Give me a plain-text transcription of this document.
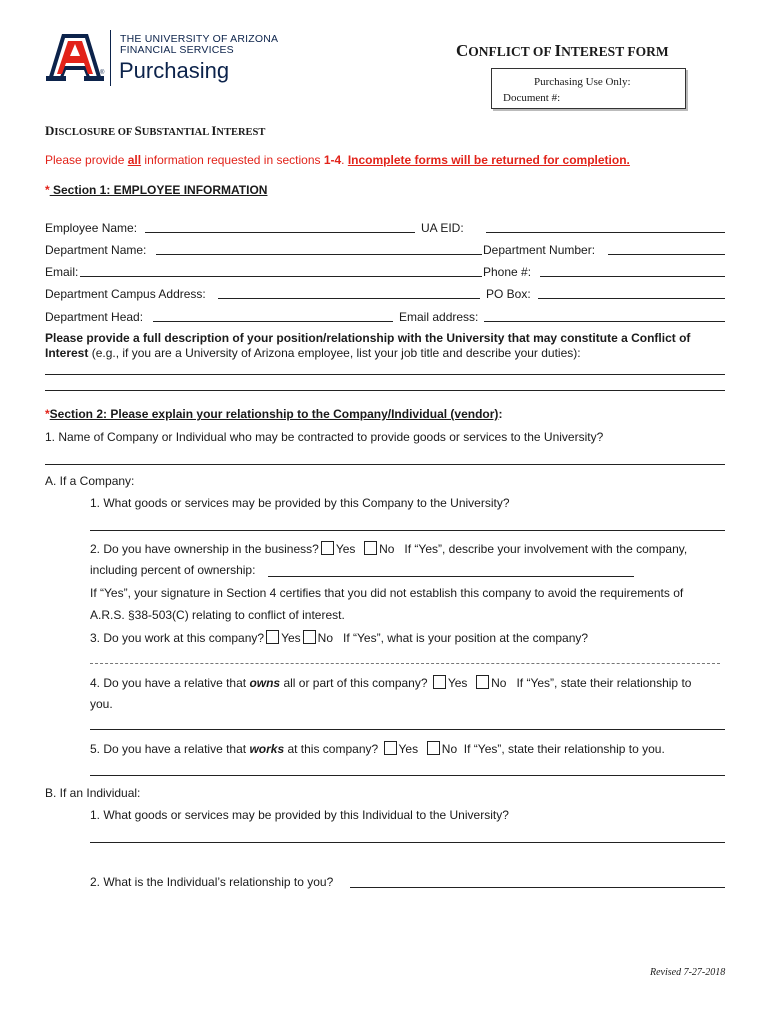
®
THE UNIVERSITY OF ARIZONA
FINANCIAL SERVICES
Purchasing
CONFLICT OF INTEREST FORM
Purchasing Use Only:
Document #:
DISCLOSURE OF SUBSTANTIAL INTEREST
Please provide all information requested in sections 1-4. Incomplete forms will be returned for completion.
* Section 1: EMPLOYEE INFORMATION
Employee Name:	UA EID:
Department Name:	Department Number:
Email:	Phone #:
Department Campus Address:	PO Box:
Department Head:	Email address:
Please provide a full description of your position/relationship with the University that may constitute a Conflict of
Interest (e.g., if you are a University of Arizona employee, list your job title and describe your duties):
*Section 2: Please explain your relationship to the Company/Individual (vendor):
1. Name of Company or Individual who may be contracted to provide goods or services to the University?
A. If a Company:
1. What goods or services may be provided by this Company to the University?
2. Do you have ownership in the business? Yes No If “Yes”, describe your involvement with the company,
including percent of ownership:
If “Yes”, your signature in Section 4 certifies that you did not establish this company to avoid the requirements of
A.R.S. §38-503(C) relating to conflict of interest.
3. Do you work at this company? Yes No If “Yes”, what is your position at the company?
4. Do you have a relative that owns all or part of this company? Yes No If “Yes”, state their relationship to
you.
5. Do you have a relative that works at this company? Yes No If “Yes”, state their relationship to you.
B. If an Individual:
1. What goods or services may be provided by this Individual to the University?
2. What is the Individual’s relationship to you?
Revised 7-27-2018
